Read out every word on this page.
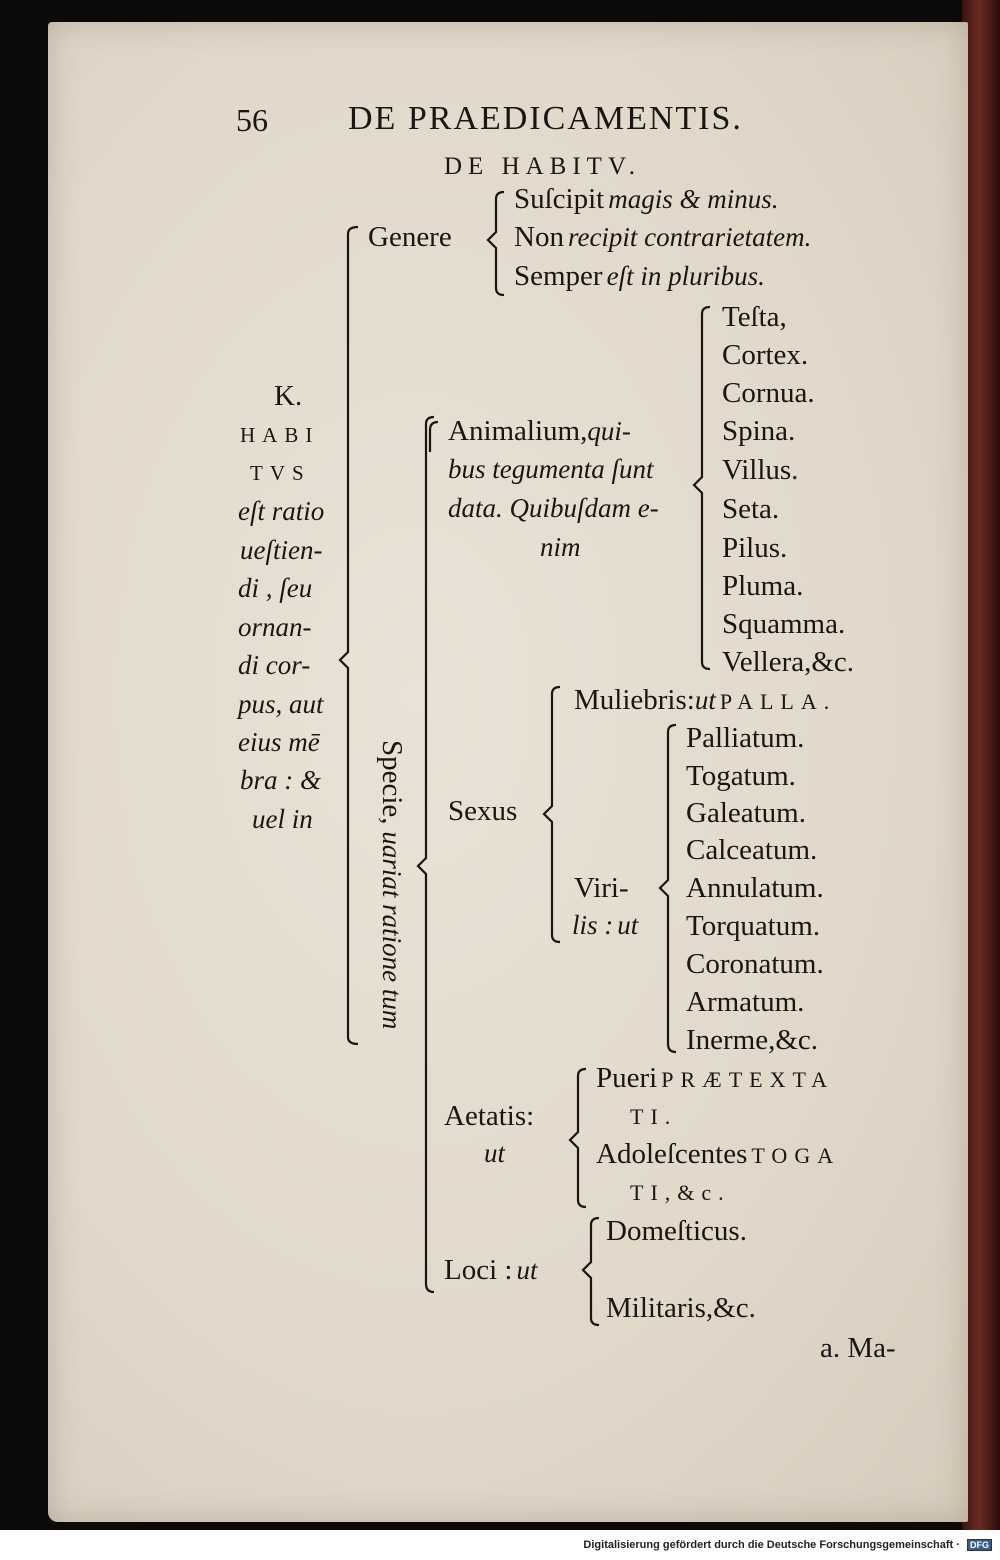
56 DE PRAEDICAMENTIS.
DE HABITV.
K.
HABI
TVS
eſt ratio
ueſtien-
di , ſeu
ornan-
di cor-
pus, aut
eius mē
bra : &
uel in
Genere
Suſcipit magis & minus.
Non recipit contrarietatem.
Semper eſt in pluribus.
Specie, uariat ratione tum
Animalium,qui-
bus tegumenta ſunt
data. Quibuſdam e-
nim
Teſta,
Cortex.
Cornua.
Spina.
Villus.
Seta.
Pilus.
Pluma.
Squamma.
Vellera,&c.
Sexus
Muliebris:ut PALLA.
Viri-
lis : ut
Palliatum.
Togatum.
Galeatum.
Calceatum.
Annulatum.
Torquatum.
Coronatum.
Armatum.
Inerme,&c.
Aetatis:
ut
Pueri PRÆTEXTA
TI.
Adoleſcentes TOGA
TI,&c.
Loci : ut
Domeſticus.
Militaris,&c.
a. Ma-
Digitalisierung gefördert durch die Deutsche Forschungsgemeinschaft · DFG
